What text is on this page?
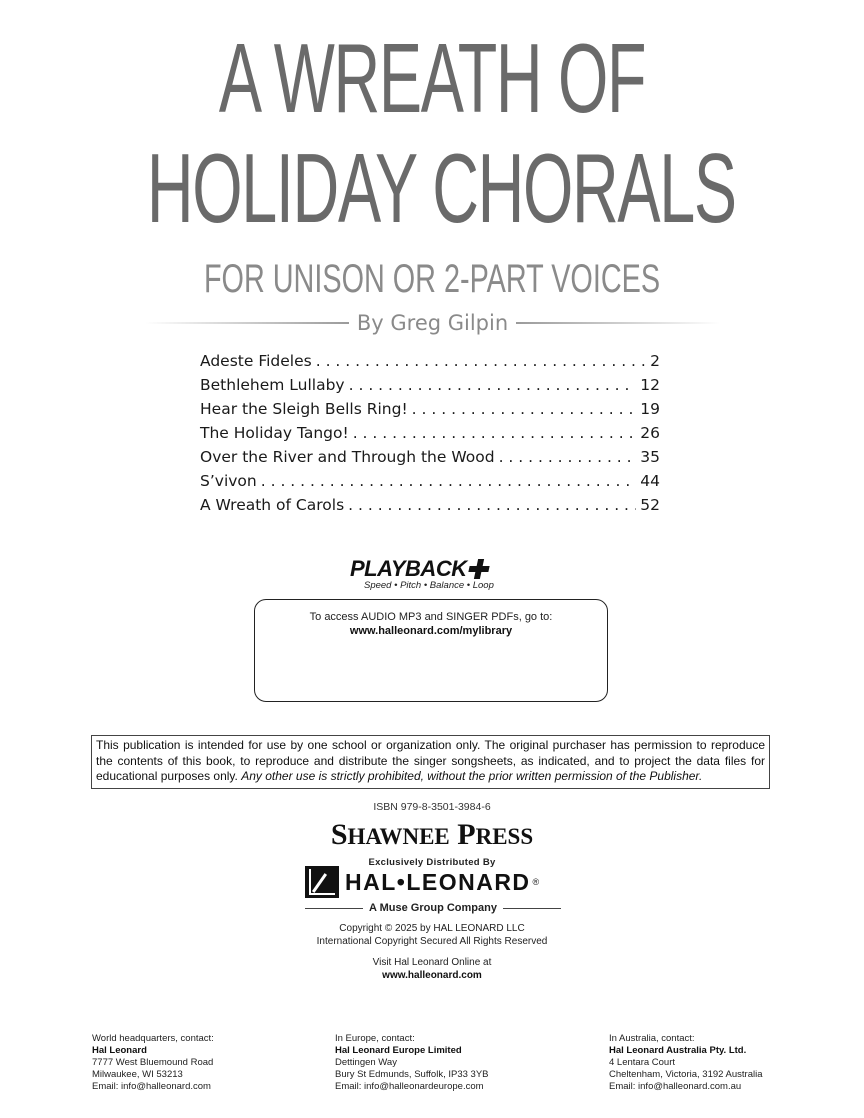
A WREATH OF
HOLIDAY CHORALS
FOR UNISON OR 2-PART VOICES
By Greg Gilpin
Adeste Fideles . . .	2
Bethlehem Lullaby . . .	12
Hear the Sleigh Bells Ring! . . .	19
The Holiday Tango! . . .	26
Over the River and Through the Wood . . .	35
S’vivon . . .	44
A Wreath of Carols . . .	52
PLAYBACK
Speed • Pitch • Balance • Loop
To access AUDIO MP3 and SINGER PDFs, go to:
www.halleonard.com/mylibrary
This publication is intended for use by one school or organization only. The original purchaser has permission to reproduce the contents of this book, to reproduce and distribute the singer songsheets, as indicated, and to project the data files for educational purposes only. Any other use is strictly prohibited, without the prior written permission of the Publisher.
ISBN 979-8-3501-3984-6
SHAWNEE PRESS
Exclusively Distributed By
HAL•LEONARD ®
A Muse Group Company
Copyright © 2025 by HAL LEONARD LLC
International Copyright Secured All Rights Reserved
Visit Hal Leonard Online at
www.halleonard.com
World headquarters, contact:
Hal Leonard
7777 West Bluemound Road
Milwaukee, WI 53213
Email: info@halleonard.com
In Europe, contact:
Hal Leonard Europe Limited
Dettingen Way
Bury St Edmunds, Suffolk, IP33 3YB
Email: info@halleonardeurope.com
In Australia, contact:
Hal Leonard Australia Pty. Ltd.
4 Lentara Court
Cheltenham, Victoria, 3192 Australia
Email: info@halleonard.com.au
